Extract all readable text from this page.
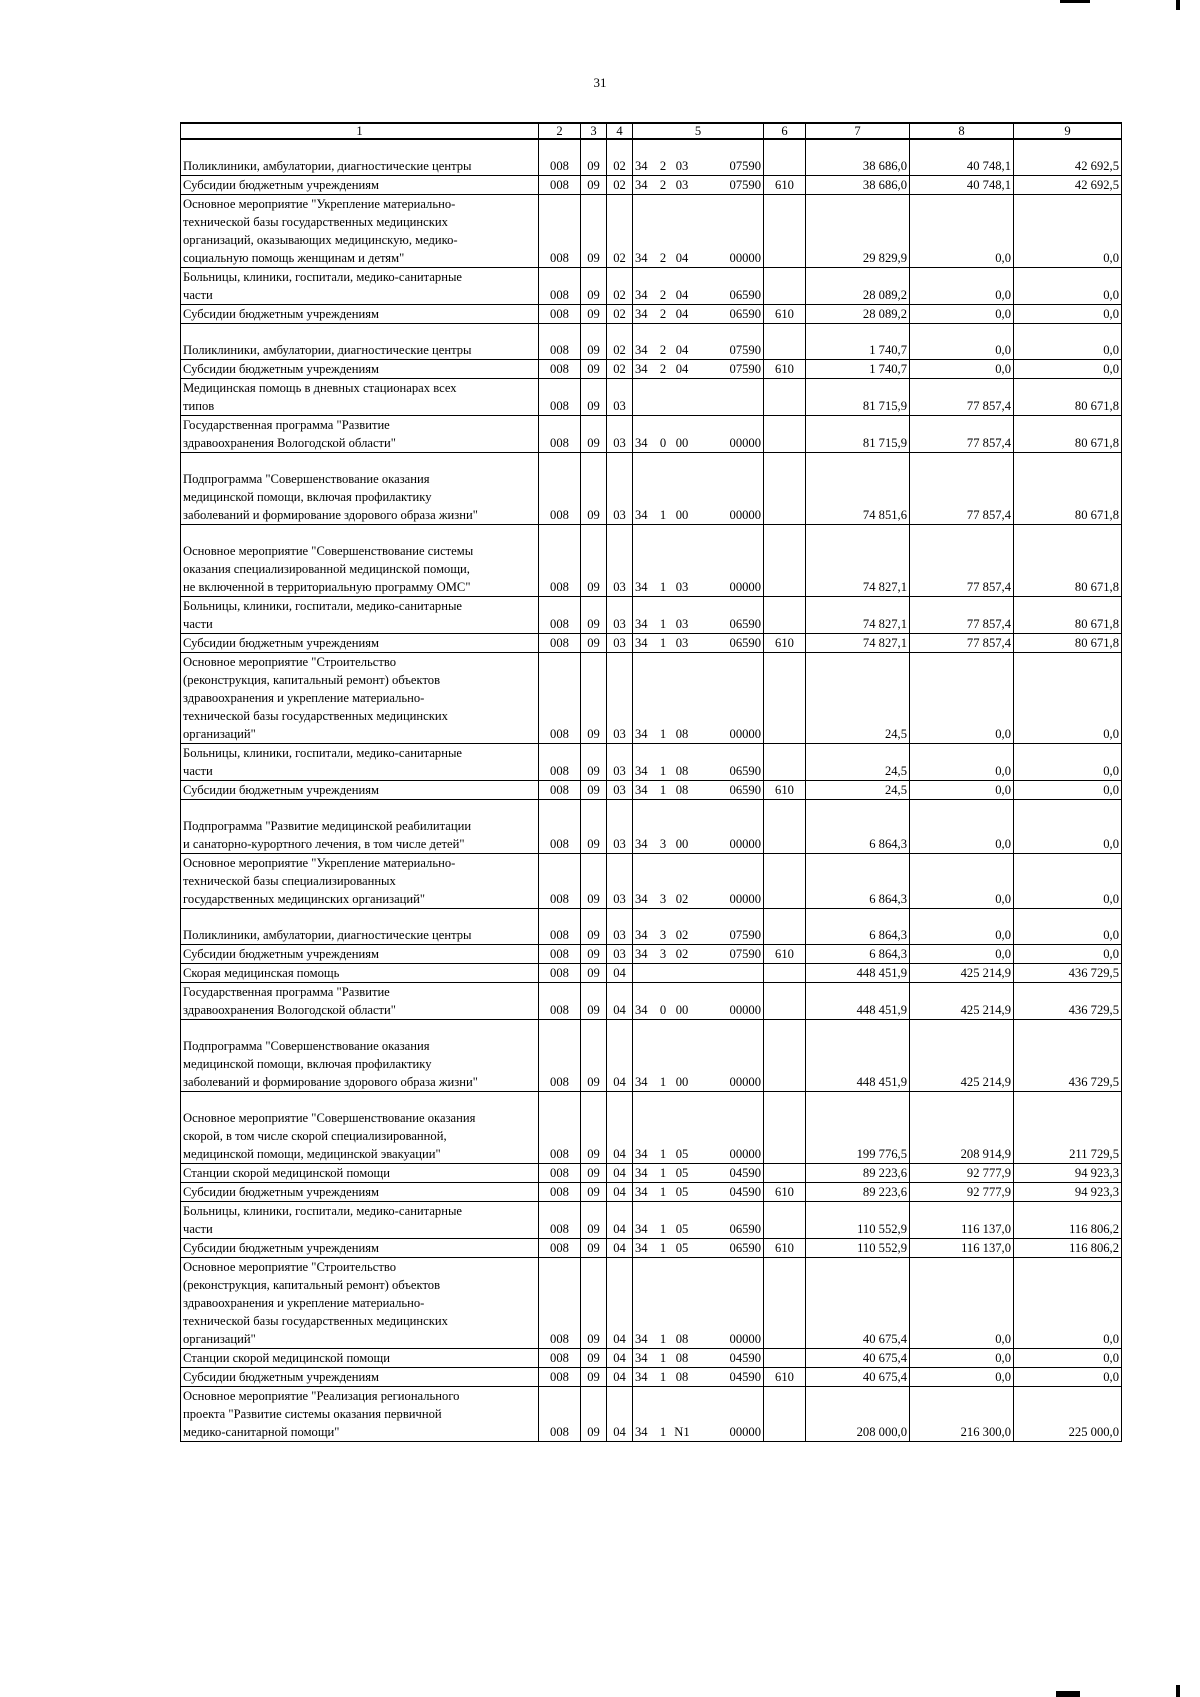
31
1	2	3	4	5	6	7	8	9
Поликлиники, амбулатории, диагностические центры	008	09	02	34 2 03 07590		38 686,0	40 748,1	42 692,5
Субсидии бюджетным учреждениям	008	09	02	34 2 03 07590	610	38 686,0	40 748,1	42 692,5
Основное мероприятие "Укрепление материально-
технической базы государственных медицинских
организаций, оказывающих медицинскую, медико-
социальную помощь женщинам и детям"	008	09	02	34 2 04 00000		29 829,9	0,0	0,0
Больницы, клиники, госпитали, медико-санитарные
части	008	09	02	34 2 04 06590		28 089,2	0,0	0,0
Субсидии бюджетным учреждениям	008	09	02	34 2 04 06590	610	28 089,2	0,0	0,0
Поликлиники, амбулатории, диагностические центры	008	09	02	34 2 04 07590		1 740,7	0,0	0,0
Субсидии бюджетным учреждениям	008	09	02	34 2 04 07590	610	1 740,7	0,0	0,0
Медицинская помощь в дневных стационарах всех
типов	008	09	03			81 715,9	77 857,4	80 671,8
Государственная программа "Развитие
здравоохранения Вологодской области"	008	09	03	34 0 00 00000		81 715,9	77 857,4	80 671,8
Подпрограмма "Совершенствование оказания
медицинской помощи, включая профилактику
заболеваний и формирование здорового образа жизни"	008	09	03	34 1 00 00000		74 851,6	77 857,4	80 671,8
Основное мероприятие "Совершенствование системы
оказания специализированной медицинской помощи,
не включенной в территориальную программу ОМС"	008	09	03	34 1 03 00000		74 827,1	77 857,4	80 671,8
Больницы, клиники, госпитали, медико-санитарные
части	008	09	03	34 1 03 06590		74 827,1	77 857,4	80 671,8
Субсидии бюджетным учреждениям	008	09	03	34 1 03 06590	610	74 827,1	77 857,4	80 671,8
Основное мероприятие "Строительство
(реконструкция, капитальный ремонт) объектов
здравоохранения и укрепление материально-
технической базы государственных медицинских
организаций"	008	09	03	34 1 08 00000		24,5	0,0	0,0
Больницы, клиники, госпитали, медико-санитарные
части	008	09	03	34 1 08 06590		24,5	0,0	0,0
Субсидии бюджетным учреждениям	008	09	03	34 1 08 06590	610	24,5	0,0	0,0
Подпрограмма "Развитие медицинской реабилитации
и санаторно-курортного лечения, в том числе детей"	008	09	03	34 3 00 00000		6 864,3	0,0	0,0
Основное мероприятие "Укрепление материально-
технической базы специализированных
государственных медицинских организаций"	008	09	03	34 3 02 00000		6 864,3	0,0	0,0
Поликлиники, амбулатории, диагностические центры	008	09	03	34 3 02 07590		6 864,3	0,0	0,0
Субсидии бюджетным учреждениям	008	09	03	34 3 02 07590	610	6 864,3	0,0	0,0
Скорая медицинская помощь	008	09	04			448 451,9	425 214,9	436 729,5
Государственная программа "Развитие
здравоохранения Вологодской области"	008	09	04	34 0 00 00000		448 451,9	425 214,9	436 729,5
Подпрограмма "Совершенствование оказания
медицинской помощи, включая профилактику
заболеваний и формирование здорового образа жизни"	008	09	04	34 1 00 00000		448 451,9	425 214,9	436 729,5
Основное мероприятие "Совершенствование оказания
скорой, в том числе скорой специализированной,
медицинской помощи, медицинской эвакуации"	008	09	04	34 1 05 00000		199 776,5	208 914,9	211 729,5
Станции скорой медицинской помощи	008	09	04	34 1 05 04590		89 223,6	92 777,9	94 923,3
Субсидии бюджетным учреждениям	008	09	04	34 1 05 04590	610	89 223,6	92 777,9	94 923,3
Больницы, клиники, госпитали, медико-санитарные
части	008	09	04	34 1 05 06590		110 552,9	116 137,0	116 806,2
Субсидии бюджетным учреждениям	008	09	04	34 1 05 06590	610	110 552,9	116 137,0	116 806,2
Основное мероприятие "Строительство
(реконструкция, капитальный ремонт) объектов
здравоохранения и укрепление материально-
технической базы государственных медицинских
организаций"	008	09	04	34 1 08 00000		40 675,4	0,0	0,0
Станции скорой медицинской помощи	008	09	04	34 1 08 04590		40 675,4	0,0	0,0
Субсидии бюджетным учреждениям	008	09	04	34 1 08 04590	610	40 675,4	0,0	0,0
Основное мероприятие "Реализация регионального
проекта "Развитие системы оказания первичной
медико-санитарной помощи"	008	09	04	34 1 N1 00000		208 000,0	216 300,0	225 000,0
